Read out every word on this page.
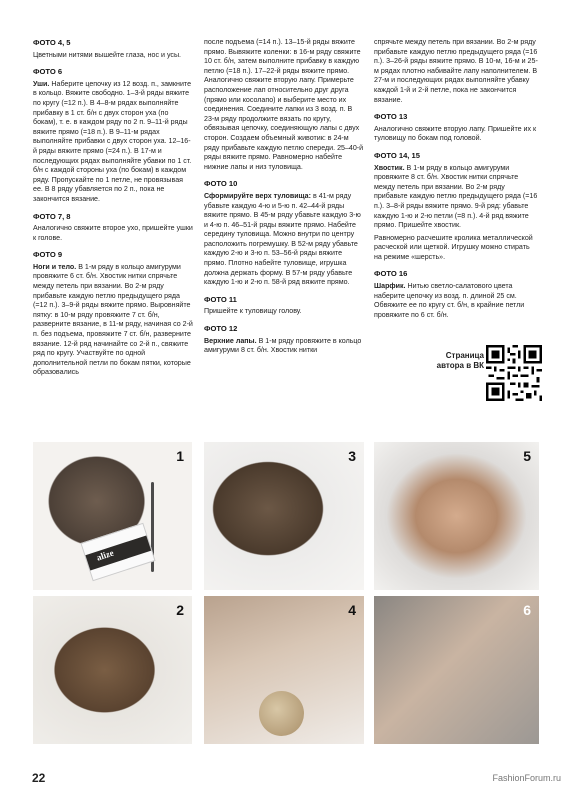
ФОТО 4, 5
Цветными нитями вышейте глаза, нос и усы.
ФОТО 6
Уши. Наберите цепочку из 12 возд. п., замкните в кольцо. Вяжите свободно. 1–3-й ряды вяжите по кругу (=12 п.). В 4–8-м рядах выполняйте прибавку в 1 ст. б/н с двух сторон уха (по бокам), т. е. в каждом ряду по 2 п. 9–11-й ряды вяжите прямо (=18 п.). В 9–11-м рядах выполняйте прибавки с двух сторон уха. 12–16-й ряды вяжите прямо (=24 п.). В 17-м и последующих рядах выполняйте убавки по 1 ст. б/н с каждой стороны уха (по бокам) в каждом ряду. Пропускайте по 1 петле, не провязывая ее. В 8 ряду убавляется по 2 п., пока не закончится вязание.
ФОТО 7, 8
Аналогично свяжите второе ухо, пришейте ушки к голове.
ФОТО 9
Ноги и тело. В 1-м ряду в кольцо амигуруми провяжите 6 ст. б/н. Хвостик нитки спрячьте между петель при вязании. Во 2-м ряду прибавьте каждую петлю предыдущего ряда (=12 п.). 3–9-й ряды вяжите прямо. Выровняйте пятку: в 10-м ряду провяжите 7 ст. б/н, разверните вязание, в 11-м ряду, начиная со 2-й п. без подъема, провяжите 7 ст. б/н, разверните вязание. 12-й ряд начинайте со 2-й п., свяжите ряд по кругу. Участвуйте по одной дополнительной петли по бокам пятки, которые образовались
после подъема (=14 п.). 13–15-й ряды вяжите прямо. Вывяжите коленки: в 16-м ряду свяжите 10 ст. б/н, затем выполните прибавку в каждую петлю (=18 п.). 17–22-й ряды вяжите прямо. Аналогично свяжите вторую лапу. Примерьте расположение лап относительно друг друга (прямо или косолапо) и выберите место их соединения. Соедините лапки из 3 возд. п. В 23-м ряду продолжите вязать по кругу, обвязывая цепочку, соединяющую лапы с двух сторон. Создаем объемный животик: в 24-м ряду прибавьте каждую петлю спереди. 25–40-й ряды вяжите прямо. Равномерно набейте нижние лапы и низ туловища.
ФОТО 10
Сформируйте верх туловища: в 41-м ряду убавьте каждую 4-ю и 5-ю п. 42–44-й ряды вяжите прямо. В 45-м ряду убавьте каждую 3-ю и 4-ю п. 46–51-й ряды вяжите прямо. Набейте середину туловища. Можно внутри по центру расположить погремушку. В 52-м ряду убавьте каждую 2-ю и 3-ю п. 53–56-й ряды вяжите прямо. Плотно набейте туловище, игрушка должна держать форму. В 57-м ряду убавьте каждую 1-ю и 2-ю п. 58-й ряд вяжите прямо.
ФОТО 11
Пришейте к туловищу голову.
ФОТО 12
Верхние лапы. В 1-м ряду провяжите в кольцо амигуруми 8 ст. б/н. Хвостик нитки
спрячьте между петель при вязании. Во 2-м ряду прибавьте каждую петлю предыдущего ряда (=16 п.). 3–26-й ряды вяжите прямо. В 10-м, 16-м и 25-м рядах плотно набивайте лапу наполнителем. В 27-м и последующих рядах выполняйте убавку каждой 1-й и 2-й петле, пока не закончится вязание.
ФОТО 13
Аналогично свяжите вторую лапу. Пришейте их к туловищу по бокам под головой.
ФОТО 14, 15
Хвостик. В 1-м ряду в кольцо амигуруми провяжите 8 ст. б/н. Хвостик нитки спрячьте между петель при вязании. Во 2-м ряду прибавьте каждую петлю предыдущего ряда (=16 п.). 3–8-й ряды вяжите прямо. 9-й ряд: убавьте каждую 1-ю и 2-ю петли (=8 п.). 4-й ряд вяжите прямо. Пришейте хвостик.
Равномерно расчешите кролика металлической расческой или щеткой. Игрушку можно стирать на режиме «шерсть».
ФОТО 16
Шарфик. Нитью светло-салатового цвета наберите цепочку из возд. п. длиной 25 см. Обвяжите ее по кругу ст. б/н, в крайние петли провяжите по 6 ст. б/н.
Страница автора в ВК
alize
1
2
3
4
5
6
22	FashionForum.ru
